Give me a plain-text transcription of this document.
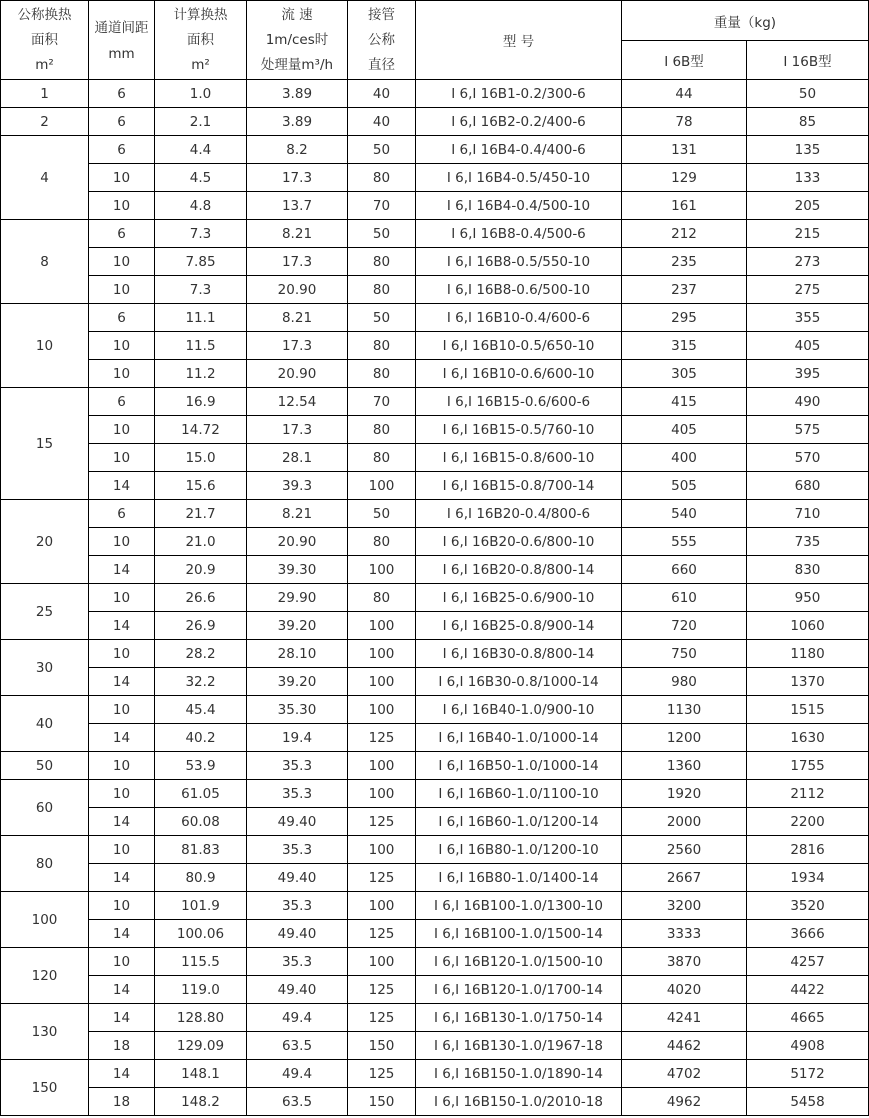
公称换热
面积
m²	通道间距
mm	计算换热
面积
m²	流 速
1m/ces时
处理量m³/h	接管
公称
直径	型 号	重量（kg)	
						I 6B型	I 16B型
1	6	1.0	3.89	40	I 6,I 16B1-0.2/300-6	44	50
2	6	2.1	3.89	40	I 6,I 16B2-0.2/400-6	78	85
4	6	4.4	8.2	50	I 6,I 16B4-0.4/400-6	131	135
	10	4.5	17.3	80	I 6,I 16B4-0.5/450-10	129	133
	10	4.8	13.7	70	I 6,I 16B4-0.4/500-10	161	205
8	6	7.3	8.21	50	I 6,I 16B8-0.4/500-6	212	215
	10	7.85	17.3	80	I 6,I 16B8-0.5/550-10	235	273
	10	7.3	20.90	80	I 6,I 16B8-0.6/500-10	237	275
10	6	11.1	8.21	50	I 6,I 16B10-0.4/600-6	295	355
	10	11.5	17.3	80	I 6,I 16B10-0.5/650-10	315	405
	10	11.2	20.90	80	I 6,I 16B10-0.6/600-10	305	395
15	6	16.9	12.54	70	I 6,I 16B15-0.6/600-6	415	490
	10	14.72	17.3	80	I 6,I 16B15-0.5/760-10	405	575
	10	15.0	28.1	80	I 6,I 16B15-0.8/600-10	400	570
	14	15.6	39.3	100	I 6,I 16B15-0.8/700-14	505	680
20	6	21.7	8.21	50	I 6,I 16B20-0.4/800-6	540	710
	10	21.0	20.90	80	I 6,I 16B20-0.6/800-10	555	735
	14	20.9	39.30	100	I 6,I 16B20-0.8/800-14	660	830
25	10	26.6	29.90	80	I 6,I 16B25-0.6/900-10	610	950
	14	26.9	39.20	100	I 6,I 16B25-0.8/900-14	720	1060
30	10	28.2	28.10	100	I 6,I 16B30-0.8/800-14	750	1180
	14	32.2	39.20	100	I 6,I 16B30-0.8/1000-14	980	1370
40	10	45.4	35.30	100	I 6,I 16B40-1.0/900-10	1130	1515
	14	40.2	19.4	125	I 6,I 16B40-1.0/1000-14	1200	1630
50	10	53.9	35.3	100	I 6,I 16B50-1.0/1000-14	1360	1755
60	10	61.05	35.3	100	I 6,I 16B60-1.0/1100-10	1920	2112
	14	60.08	49.40	125	I 6,I 16B60-1.0/1200-14	2000	2200
80	10	81.83	35.3	100	I 6,I 16B80-1.0/1200-10	2560	2816
	14	80.9	49.40	125	I 6,I 16B80-1.0/1400-14	2667	1934
100	10	101.9	35.3	100	I 6,I 16B100-1.0/1300-10	3200	3520
	14	100.06	49.40	125	I 6,I 16B100-1.0/1500-14	3333	3666
120	10	115.5	35.3	100	I 6,I 16B120-1.0/1500-10	3870	4257
	14	119.0	49.40	125	I 6,I 16B120-1.0/1700-14	4020	4422
130	14	128.80	49.4	125	I 6,I 16B130-1.0/1750-14	4241	4665
	18	129.09	63.5	150	I 6,I 16B130-1.0/1967-18	4462	4908
150	14	148.1	49.4	125	I 6,I 16B150-1.0/1890-14	4702	5172
	18	148.2	63.5	150	I 6,I 16B150-1.0/2010-18	4962	5458
